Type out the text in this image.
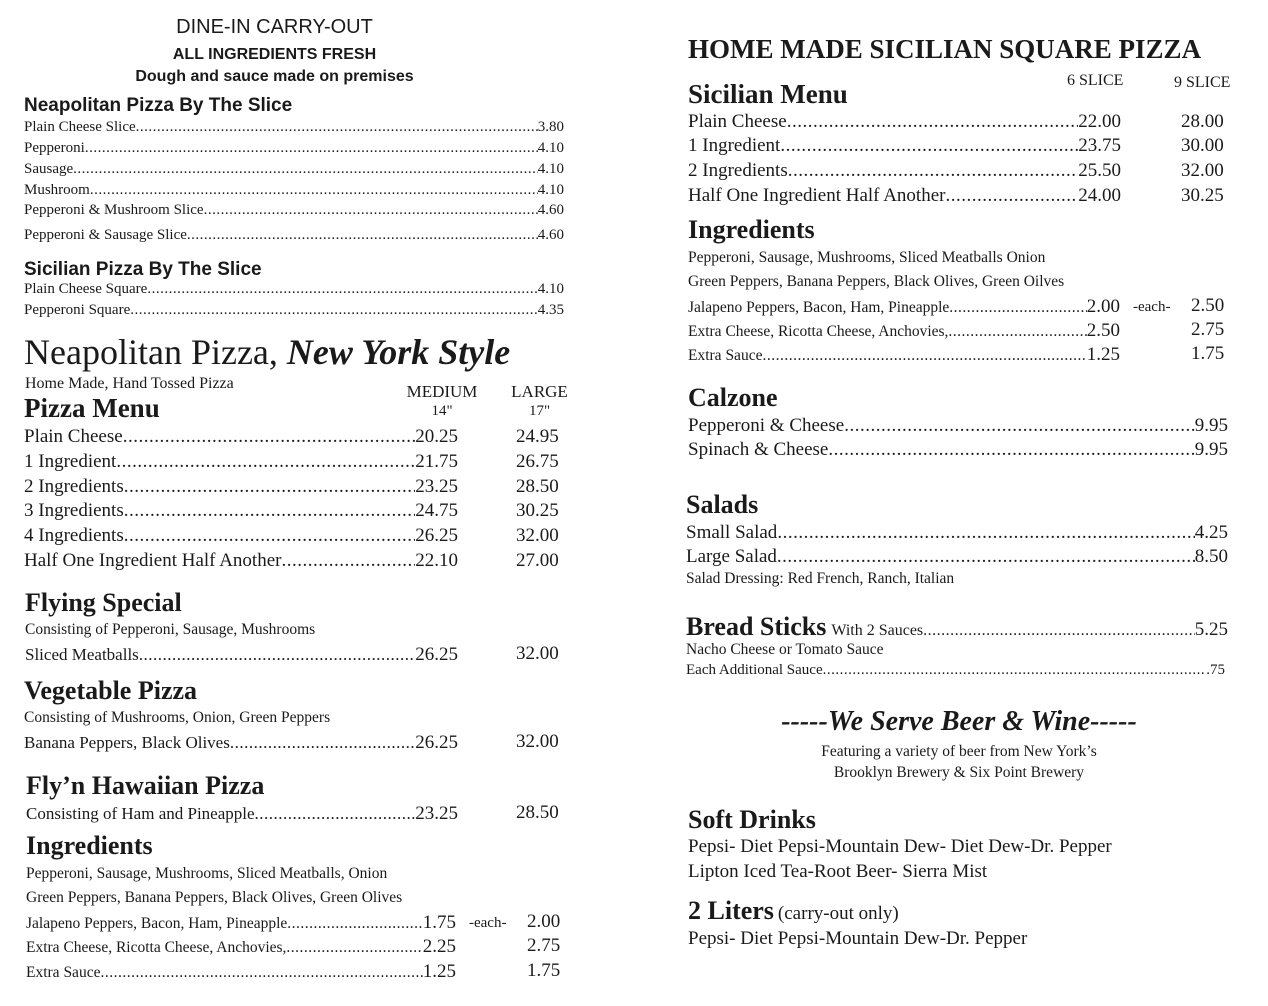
DINE-IN CARRY-OUT
ALL INGREDIENTS FRESH
Dough and sauce made on premises
Neapolitan Pizza By The Slice
Plain Cheese Slice .....	3.80
Pepperoni .....	4.10
Sausage .....	4.10
Mushroom .....	4.10
Pepperoni & Mushroom Slice .....	4.60
Pepperoni & Sausage Slice .....	4.60
Sicilian Pizza By The Slice
Plain Cheese Square .....	4.10
Pepperoni Square .....	4.35
Neapolitan Pizza, New York Style
Home Made, Hand Tossed Pizza
Pizza Menu
MEDIUM
14"
LARGE
17"
Plain Cheese .....	20.25	24.95
1 Ingredient .....	21.75	26.75
2 Ingredients .....	23.25	28.50
3 Ingredients .....	24.75	30.25
4 Ingredients .....	26.25	32.00
Half One Ingredient Half Another .....	22.10	27.00
Flying Special
Consisting of Pepperoni, Sausage, Mushrooms
Sliced Meatballs .....	26.25	32.00
Vegetable Pizza
Consisting of Mushrooms, Onion, Green Peppers
Banana Peppers, Black Olives .....	26.25	32.00
Fly’n Hawaiian Pizza
Consisting of Ham and Pineapple .....	23.25	28.50
Ingredients
Pepperoni, Sausage, Mushrooms, Sliced Meatballs, Onion
Green Peppers, Banana Peppers, Black Olives, Green Olives
Jalapeno Peppers, Bacon, Ham, Pineapple .....	1.75 -each- 2.00
Extra Cheese, Ricotta Cheese, Anchovies, .....	2.25	2.75
Extra Sauce .....	1.25	1.75
HOME MADE SICILIAN SQUARE PIZZA
Sicilian Menu	6 SLICE	9 SLICE
Plain Cheese .....	22.00	28.00
1 Ingredient .....	23.75	30.00
2 Ingredients .....	25.50	32.00
Half One Ingredient Half Another .....	24.00	30.25
Ingredients
Pepperoni, Sausage, Mushrooms, Sliced Meatballs Onion
Green Peppers, Banana Peppers, Black Olives, Green Oilves
Jalapeno Peppers, Bacon, Ham, Pineapple .....	2.00 -each- 2.50
Extra Cheese, Ricotta Cheese, Anchovies, .....	2.50	2.75
Extra Sauce .....	1.25	1.75
Calzone
Pepperoni & Cheese .....	9.95
Spinach & Cheese .....	9.95
Salads
Small Salad .....	4.25
Large Salad .....	8.50
Salad Dressing: Red French, Ranch, Italian
Bread Sticks With 2 Sauces .....	5.25
Nacho Cheese or Tomato Sauce
Each Additional Sauce .....	.75
-----We Serve Beer & Wine-----
Featuring a variety of beer from New York’s
Brooklyn Brewery & Six Point Brewery
Soft Drinks
Pepsi- Diet Pepsi-Mountain Dew- Diet Dew-Dr. Pepper
Lipton Iced Tea-Root Beer- Sierra Mist
2 Liters (carry-out only)
Pepsi- Diet Pepsi-Mountain Dew-Dr. Pepper
